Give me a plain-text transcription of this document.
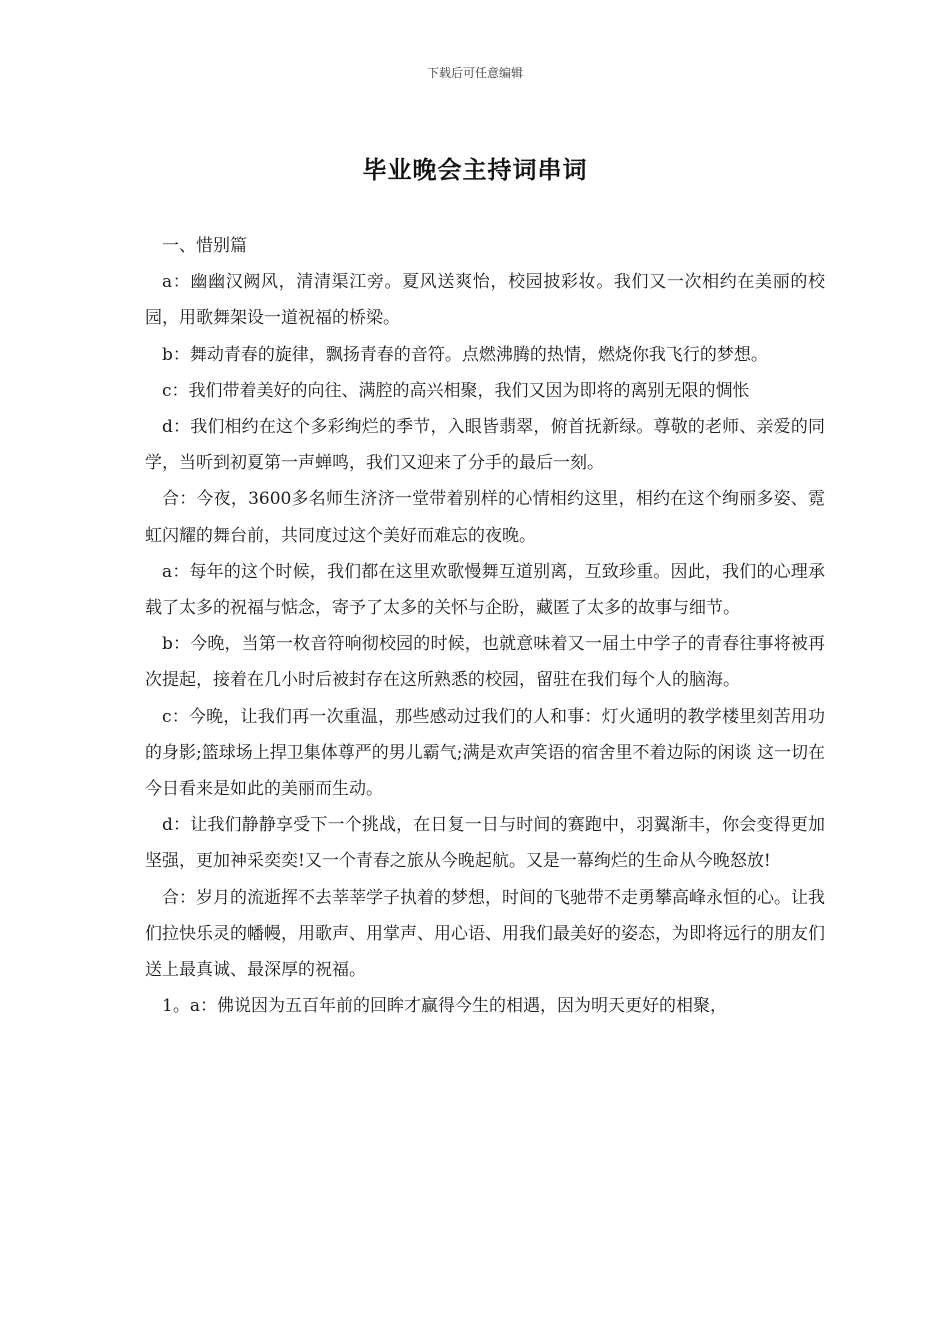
下载后可任意编辑
毕业晚会主持词串词

一、惜别篇

a：幽幽汉阙风，清清渠江旁。夏风送爽怡，校园披彩妆。我们又一次相约在美丽的校园，用歌舞架设一道祝福的桥梁。

b：舞动青春的旋律，飘扬青春的音符。点燃沸腾的热情，燃烧你我飞行的梦想。

c：我们带着美好的向往、满腔的高兴相聚，我们又因为即将的离别无限的惆怅

d：我们相约在这个多彩绚烂的季节，入眼皆翡翠，俯首抚新绿。尊敬的老师、亲爱的同学，当听到初夏第一声蝉鸣，我们又迎来了分手的最后一刻。

合：今夜，3600多名师生济济一堂带着别样的心情相约这里，相约在这个绚丽多姿、霓虹闪耀的舞台前，共同度过这个美好而难忘的夜晚。

a：每年的这个时候，我们都在这里欢歌慢舞互道别离，互致珍重。因此，我们的心理承载了太多的祝福与惦念，寄予了太多的关怀与企盼，藏匿了太多的故事与细节。

b：今晚，当第一枚音符响彻校园的时候，也就意味着又一届土中学子的青春往事将被再次提起，接着在几小时后被封存在这所熟悉的校园，留驻在我们每个人的脑海。

c：今晚，让我们再一次重温，那些感动过我们的人和事：灯火通明的教学楼里刻苦用功的身影;篮球场上捍卫集体尊严的男儿霸气;满是欢声笑语的宿舍里不着边际的闲谈 这一切在今日看来是如此的美丽而生动。

d：让我们静静享受下一个挑战，在日复一日与时间的赛跑中，羽翼渐丰，你会变得更加坚强，更加神采奕奕!又一个青春之旅从今晚起航。又是一幕绚烂的生命从今晚怒放!

合：岁月的流逝挥不去莘莘学子执着的梦想，时间的飞驰带不走勇攀高峰永恒的心。让我们拉快乐灵的幡幔，用歌声、用掌声、用心语、用我们最美好的姿态，为即将远行的朋友们送上最真诚、最深厚的祝福。

1。a：佛说因为五百年前的回眸才赢得今生的相遇，因为明天更好的相聚，
